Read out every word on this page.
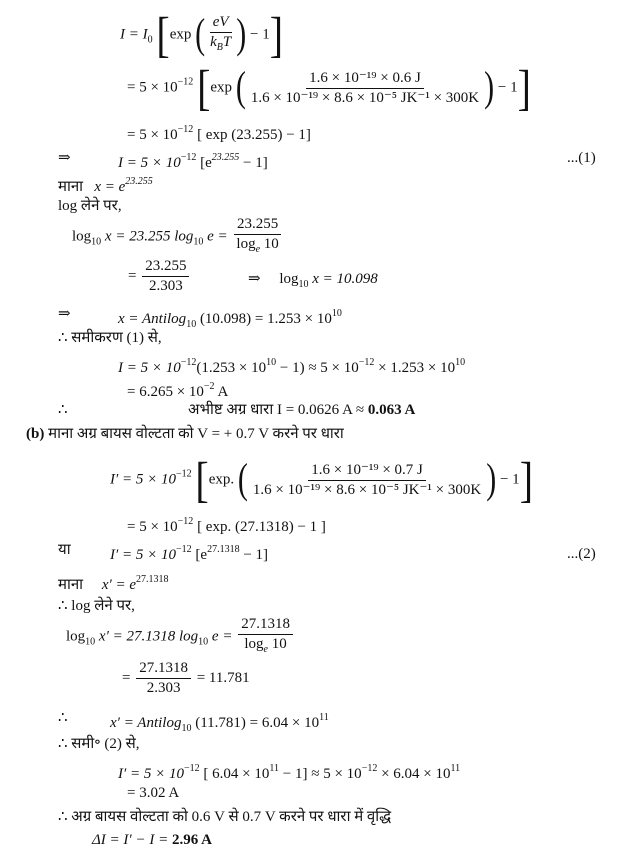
$I = I_0$ [exp ( $\frac{eV}{k_BT}$ ) − 1]
= $5 \times 10^{-12}$ [exp ( $\frac{\text{1.6 × 10⁻¹⁹ × 0.6 J}}{\text{1.6 × 10⁻¹⁹ × 8.6 × 10⁻⁵ JK⁻¹ × 300K}}$ ) − 1]
= $5 \times 10^{-12}$ [ exp (23.255) − 1]
⇒	$I = 5 \times 10^{-12}$ $[e^{23.255} - 1]$	...(1)
माना $x = e^{23.255}$
log लेने पर,
$\log_{10} x = 23.255$ $\log_{10} e = \frac{23.255}{\log_e 10}$
= $\frac{23.255}{2.303}$	⇒ $\log_{10} x = 10.098$
⇒	x = Antilog$_{10}$ $(10.098) = 1.253 \times 10^{10}$
∴ समीकरण (1) से,
$I = 5 \times 10^{-12}(1.253 \times 10^{10} - 1) \approx 5 \times 10^{-12} \times 1.253 \times 10^{10}$
= $6.265 \times 10^{-2}$ A
∴	अभीष्ट अग्र धारा I = 0.0626 A ≈ 0.063 A
(b) माना अग्र बायस वोल्टता को V = + 0.7 V करने पर धारा
$I' = 5 \times 10^{-12}$ [exp. ( $\frac{\text{1.6 × 10⁻¹⁹ × 0.7 J}}{\text{1.6 × 10⁻¹⁹ × 8.6 × 10⁻⁵ JK⁻¹ × 300K}}$ ) − 1]
= $5 \times 10^{-12}$ [ exp. (27.1318) − 1 ]
या	$I' = 5 \times 10^{-12}$ $[e^{27.1318} - 1]$	...(2)
माना $x' = e^{27.1318}$
∴ log लेने पर,
$\log_{10} x' = 27.1318$ $\log_{10} e = \frac{27.1318}{\log_e 10}$
= $\frac{27.1318}{2.303} = 11.781$
∴	x′ = Antilog$_{10}$ $(11.781) = 6.04 \times 10^{11}$
∴ समी॰ (2) से,
$I' = 5 \times 10^{-12}$ [ $6.04 \times 10^{11} - 1] \approx 5 \times 10^{-12} \times 6.04 \times 10^{11}$
= 3.02 A
∴ अग्र बायस वोल्टता को 0.6 V से 0.7 V करने पर धारा में वृद्धि
ΔI = I′ − I = 2.96 A
